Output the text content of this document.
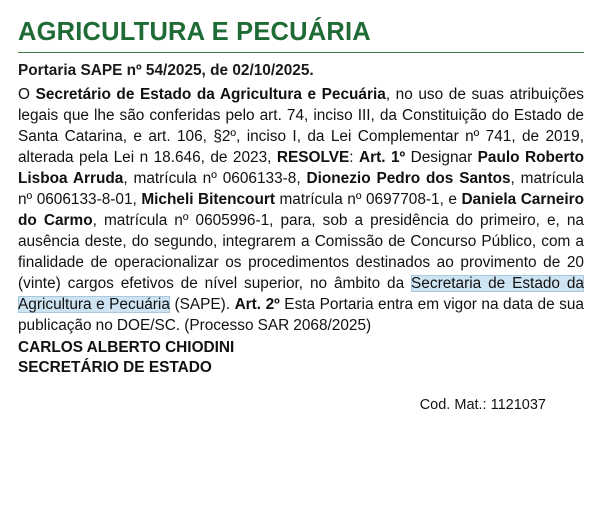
AGRICULTURA E PECUÁRIA
Portaria SAPE nº 54/2025, de 02/10/2025.

O Secretário de Estado da Agricultura e Pecuária, no uso de suas atribuições legais que lhe são conferidas pelo art. 74, inciso III, da Constituição do Estado de Santa Catarina, e art. 106, §2º, inciso I, da Lei Complementar nº 741, de 2019, alterada pela Lei n 18.646, de 2023, RESOLVE: Art. 1º Designar Paulo Roberto Lisboa Arruda, matrícula nº 0606133-8, Dionezio Pedro dos Santos, matrícula nº 0606133-8-01, Micheli Bitencourt matrícula nº 0697708-1, e Daniela Carneiro do Carmo, matrícula nº 0605996-1, para, sob a presidência do primeiro, e, na ausência deste, do segundo, integrarem a Comissão de Concurso Público, com a finalidade de operacionalizar os procedimentos destinados ao provimento de 20 (vinte) cargos efetivos de nível superior, no âmbito da Secretaria de Estado da Agricultura e Pecuária (SAPE). Art. 2º Esta Portaria entra em vigor na data de sua publicação no DOE/SC. (Processo SAR 2068/2025)

CARLOS ALBERTO CHIODINI
SECRETÁRIO DE ESTADO
Cod. Mat.: 1121037
